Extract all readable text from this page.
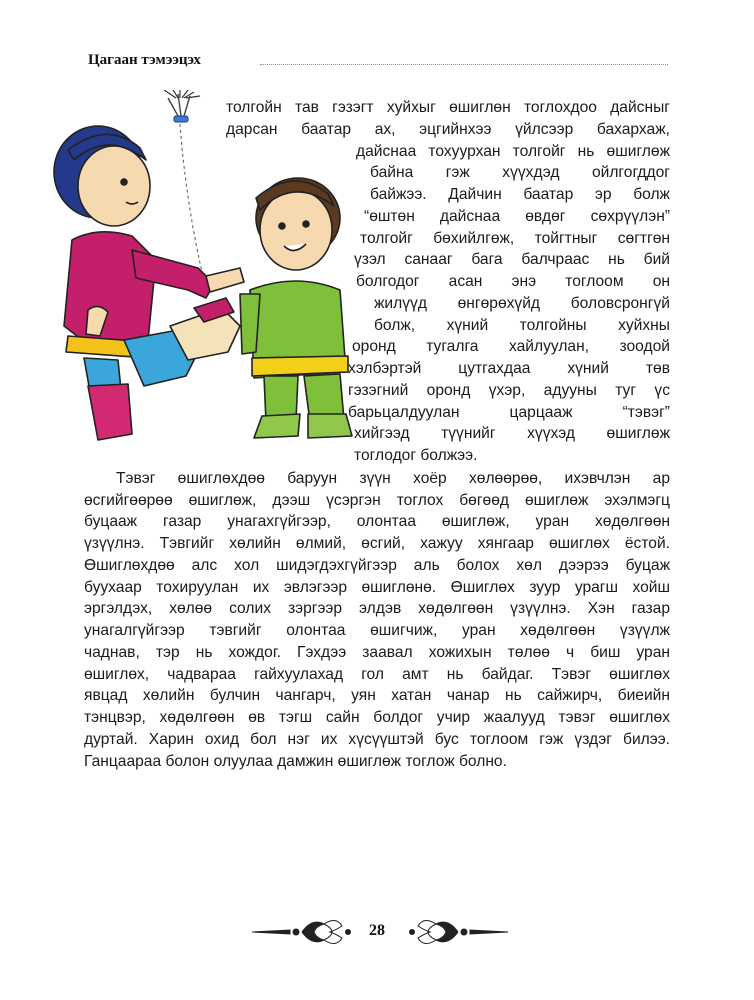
Цагаан тэмээцэх

толгойн тав гэзэгт хуйхыг өшиглөн тоглохдоо дайсныг
дарсан баатар ах, эцгийнхээ үйлсээр бахархаж,
дайснаа тохуурхан толгойг нь өшиглөж
байна гэж хүүхдэд ойлгогддог
байжээ. Дайчин баатар эр болж
“өштөн дайснаа өвдөг сөхрүүлэн”
толгойг бөхийлгөж, тойгтныг сөгтгөн
үзэл санааг бага балчраас нь бий
болгодог асан энэ тоглоом он
жилүүд өнгөрөхүйд боловсронгүй
болж, хүний толгойны хуйхны
оронд тугалга хайлуулан, зоодой
хэлбэртэй цутгахдаа хүний төв
гэзэгний оронд үхэр, адууны туг үс
барьцалдуулан царцааж “тэвэг”
хийгээд түүнийг хүүхэд өшиглөж
тоглодог болжээ.

Тэвэг өшиглөхдөө баруун зүүн хоёр хөлөөрөө, ихэвчлэн ар
өсгийгөөрөө өшиглөж, дээш үсэргэн тоглох бөгөөд өшиглөж эхэлмэгц
буцааж газар унагахгүйгээр, олонтаа өшиглөж, уран хөдөлгөөн
үзүүлнэ. Тэвгийг хөлийн өлмий, өсгий, хажуу хянгаар өшиглөх ёстой.
Өшиглөхдөө алс хол шидэгдэхгүйгээр аль болох хөл дээрээ буцаж
буухаар тохируулан их эвлэгээр өшиглөнө. Өшиглөх зуур урагш хойш
эргэлдэх, хөлөө солих зэргээр элдэв хөдөлгөөн үзүүлнэ. Хэн газар
унагалгүйгээр тэвгийг олонтаа өшигчиж, уран хөдөлгөөн үзүүлж
чаднав, тэр нь хождог. Гэхдээ заавал хожихын төлөө ч биш уран
өшиглөх, чадвараа гайхуулахад гол амт нь байдаг. Тэвэг өшиглөх
явцад хөлийн булчин чангарч, уян хатан чанар нь сайжирч, биеийн
тэнцвэр, хөдөлгөөн өв тэгш сайн болдог учир жаалууд тэвэг өшиглөх
дуртай. Харин охид бол нэг их хүсүүштэй бус тоглоом гэж үздэг билээ.
Ганцаараа болон олуулаа дамжин өшиглөж тоглож болно.

28
